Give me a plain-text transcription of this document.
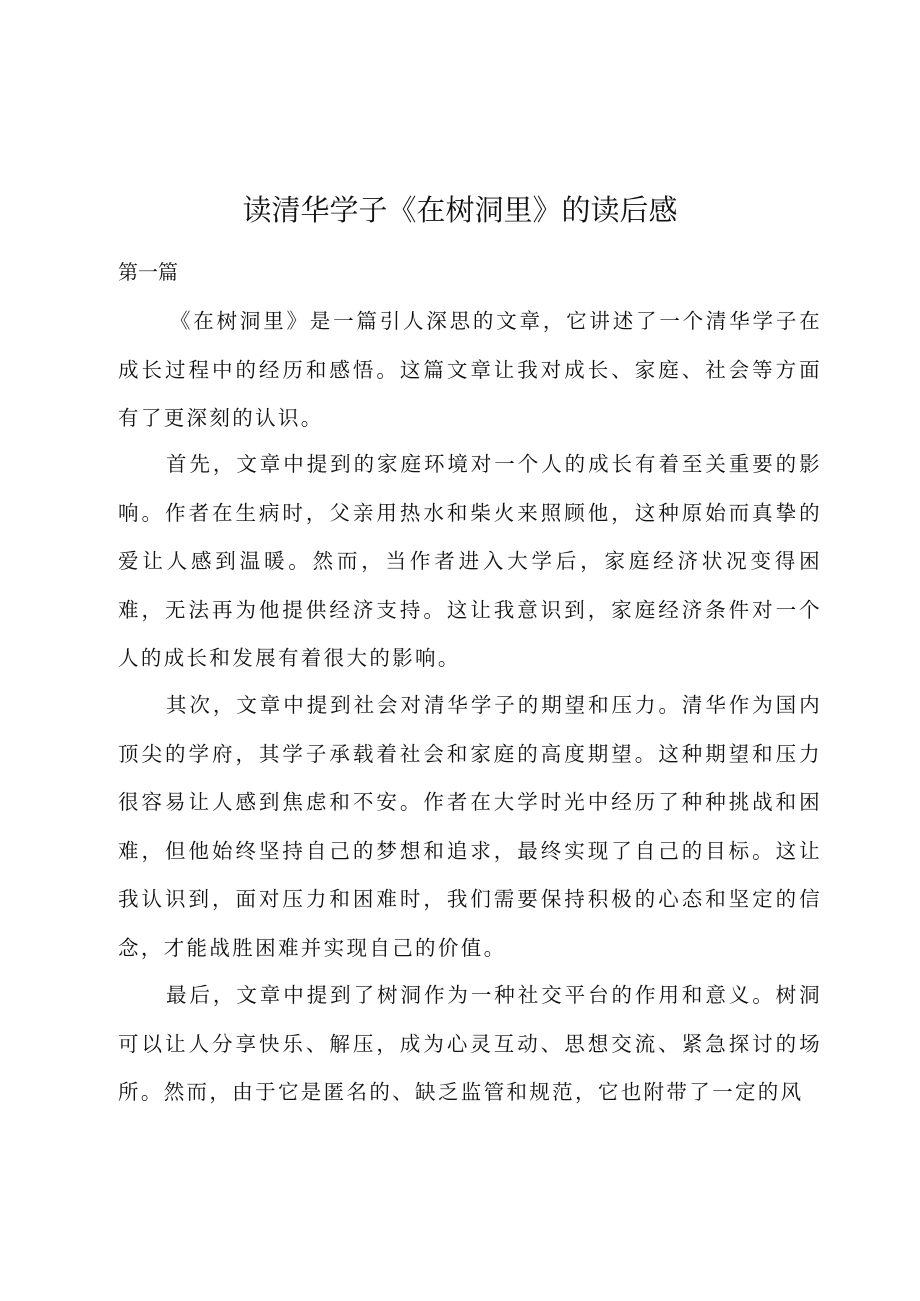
读清华学子《在树洞里》的读后感
第一篇

《在树洞里》是一篇引人深思的文章，它讲述了一个清华学子在成长过程中的经历和感悟。这篇文章让我对成长、家庭、社会等方面有了更深刻的认识。

首先，文章中提到的家庭环境对一个人的成长有着至关重要的影响。作者在生病时，父亲用热水和柴火来照顾他，这种原始而真挚的爱让人感到温暖。然而，当作者进入大学后，家庭经济状况变得困难，无法再为他提供经济支持。这让我意识到，家庭经济条件对一个人的成长和发展有着很大的影响。

其次，文章中提到社会对清华学子的期望和压力。清华作为国内顶尖的学府，其学子承载着社会和家庭的高度期望。这种期望和压力很容易让人感到焦虑和不安。作者在大学时光中经历了种种挑战和困难，但他始终坚持自己的梦想和追求，最终实现了自己的目标。这让我认识到，面对压力和困难时，我们需要保持积极的心态和坚定的信念，才能战胜困难并实现自己的价值。

最后，文章中提到了树洞作为一种社交平台的作用和意义。树洞可以让人分享快乐、解压，成为心灵互动、思想交流、紧急探讨的场所。然而，由于它是匿名的、缺乏监管和规范，它也附带了一定的风
